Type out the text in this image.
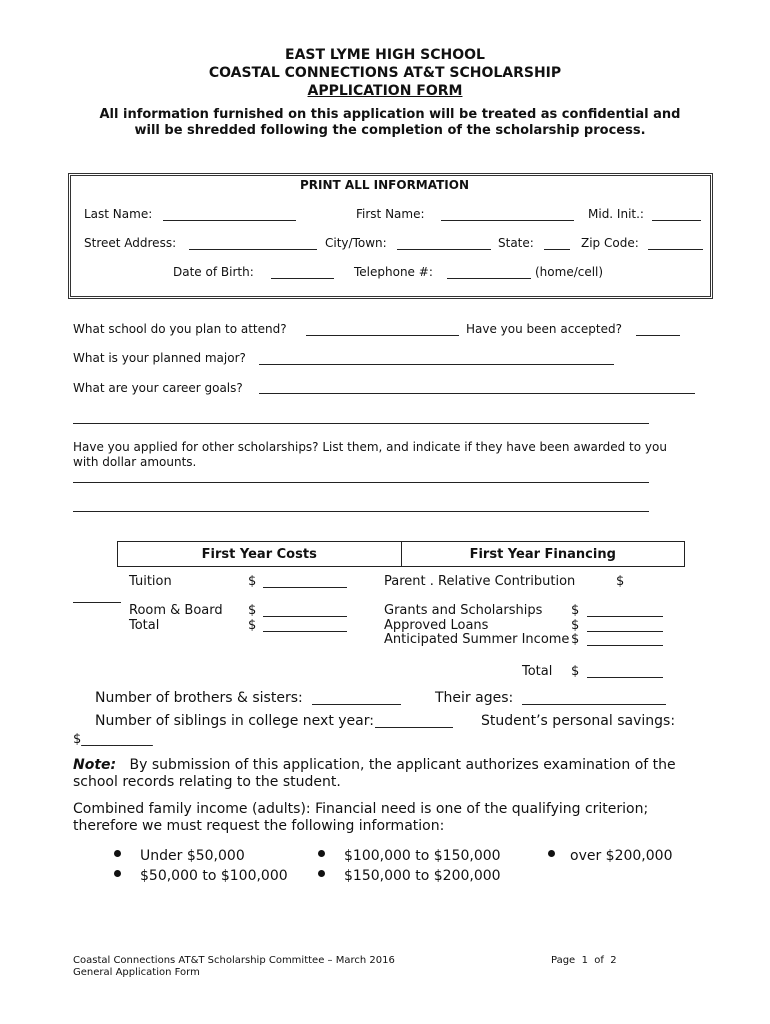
EAST LYME HIGH SCHOOL
COASTAL CONNECTIONS AT&T SCHOLARSHIP
APPLICATION FORM
All information furnished on this application will be treated as confidential and
will be shredded following the completion of the scholarship process.
PRINT ALL INFORMATION
Last Name:	First Name:	Mid. Init.:
Street Address:	City/Town:	State:	Zip Code:
Date of Birth:	Telephone #:	(home/cell)
What school do you plan to attend?	Have you been accepted?
What is your planned major?
What are your career goals?
Have you applied for other scholarships? List them, and indicate if they have been awarded to you
with dollar amounts.
First Year Costs	First Year Financing
Tuition	$
Room & Board $
Total	$
Parent . Relative Contribution	$
Grants and Scholarships $
Approved Loans	$
Anticipated Summer Income $
Total $
Number of brothers & sisters:	Their ages:
Number of siblings in college next year:	Student’s personal savings:
$___________
Note: By submission of this application, the applicant authorizes examination of the
school records relating to the student.
Combined family income (adults): Financial need is one of the qualifying criterion;
therefore we must request the following information:
Under $50,000
$50,000 to $100,000
$100,000 to $150,000
$150,000 to $200,000
over $200,000
Coastal Connections AT&T Scholarship Committee – March 2016
General Application Form
Page  1  of  2
